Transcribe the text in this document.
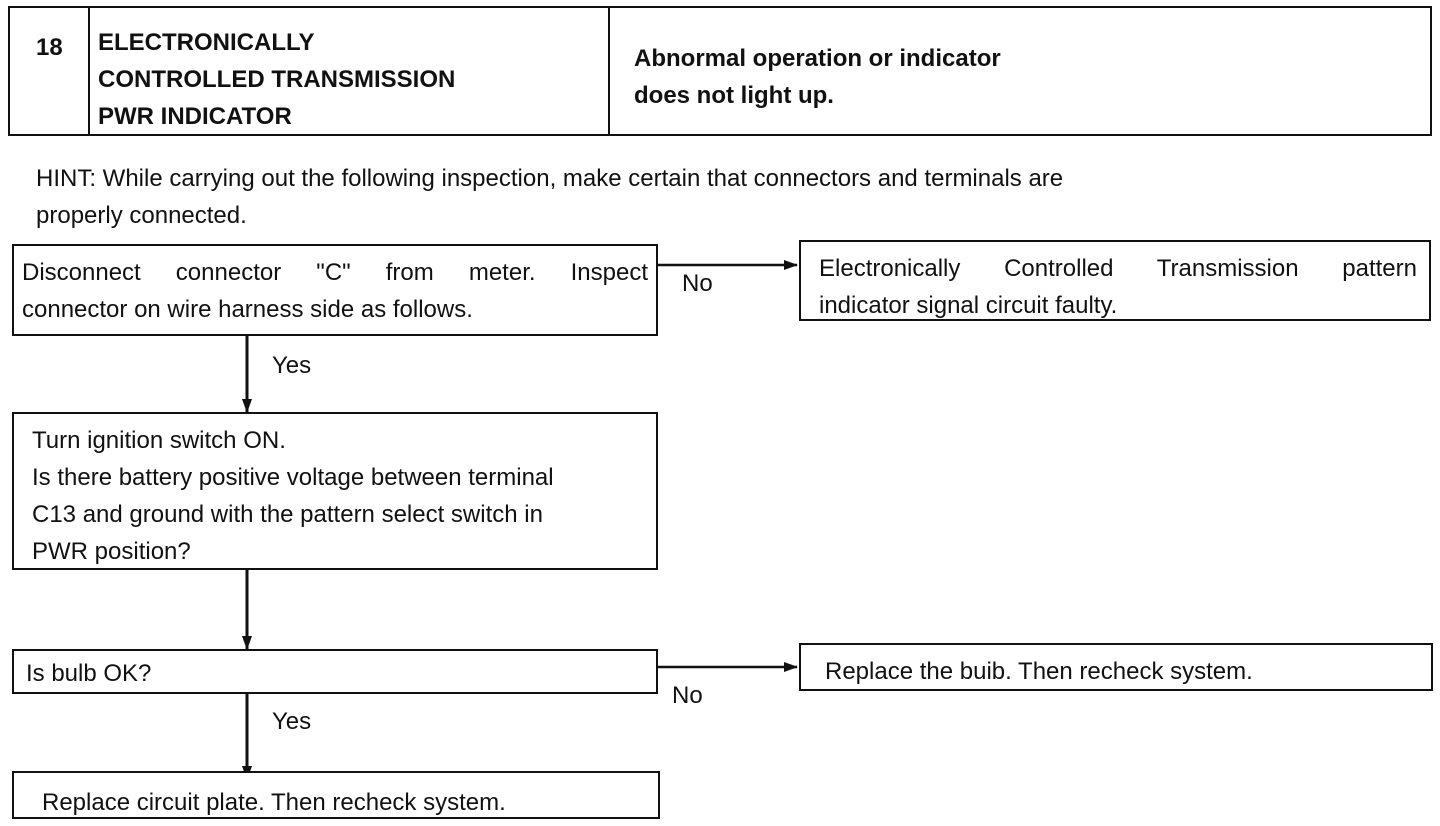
18	ELECTRONICALLY
CONTROLLED TRANSMISSION
PWR INDICATOR
Abnormal operation or indicator
does not light up.
HINT: While carrying out the following inspection, make certain that connectors and terminals are
properly connected.
Disconnect connector "C" from meter. Inspect
connector on wire harness side as follows.
Electronically Controlled Transmission pattern
indicator signal circuit faulty.
No
Yes
Turn ignition switch ON.
Is there battery positive voltage between terminal
C13 and ground with the pattern select switch in
PWR position?
Is bulb OK?	Replace the buib. Then recheck system.
No
Yes
Replace circuit plate. Then recheck system.
